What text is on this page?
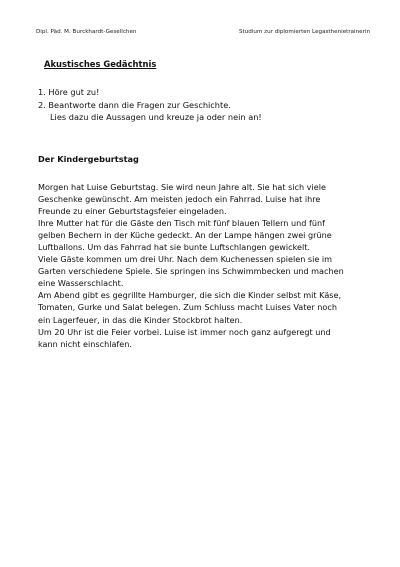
Dipl. Päd. M. Burckhardt-Gesellchen	Studium zur diplomierten Legasthenietrainerin
Akustisches Gedächtnis
1. Höre gut zu!
2. Beantworte dann die Fragen zur Geschichte.
Lies dazu die Aussagen und kreuze ja oder nein an!
Der Kindergeburtstag
Morgen hat Luise Geburtstag. Sie wird neun Jahre alt. Sie hat sich viele
Geschenke gewünscht. Am meisten jedoch ein Fahrrad. Luise hat ihre
Freunde zu einer Geburtstagsfeier eingeladen.
Ihre Mutter hat für die Gäste den Tisch mit fünf blauen Tellern und fünf
gelben Bechern in der Küche gedeckt. An der Lampe hängen zwei grüne
Luftballons. Um das Fahrrad hat sie bunte Luftschlangen gewickelt.
Viele Gäste kommen um drei Uhr. Nach dem Kuchenessen spielen sie im
Garten verschiedene Spiele. Sie springen ins Schwimmbecken und machen
eine Wasserschlacht.
Am Abend gibt es gegrillte Hamburger, die sich die Kinder selbst mit Käse,
Tomaten, Gurke und Salat belegen. Zum Schluss macht Luises Vater noch
ein Lagerfeuer, in das die Kinder Stockbrot halten.
Um 20 Uhr ist die Feier vorbei. Luise ist immer noch ganz aufgeregt und
kann nicht einschlafen.
